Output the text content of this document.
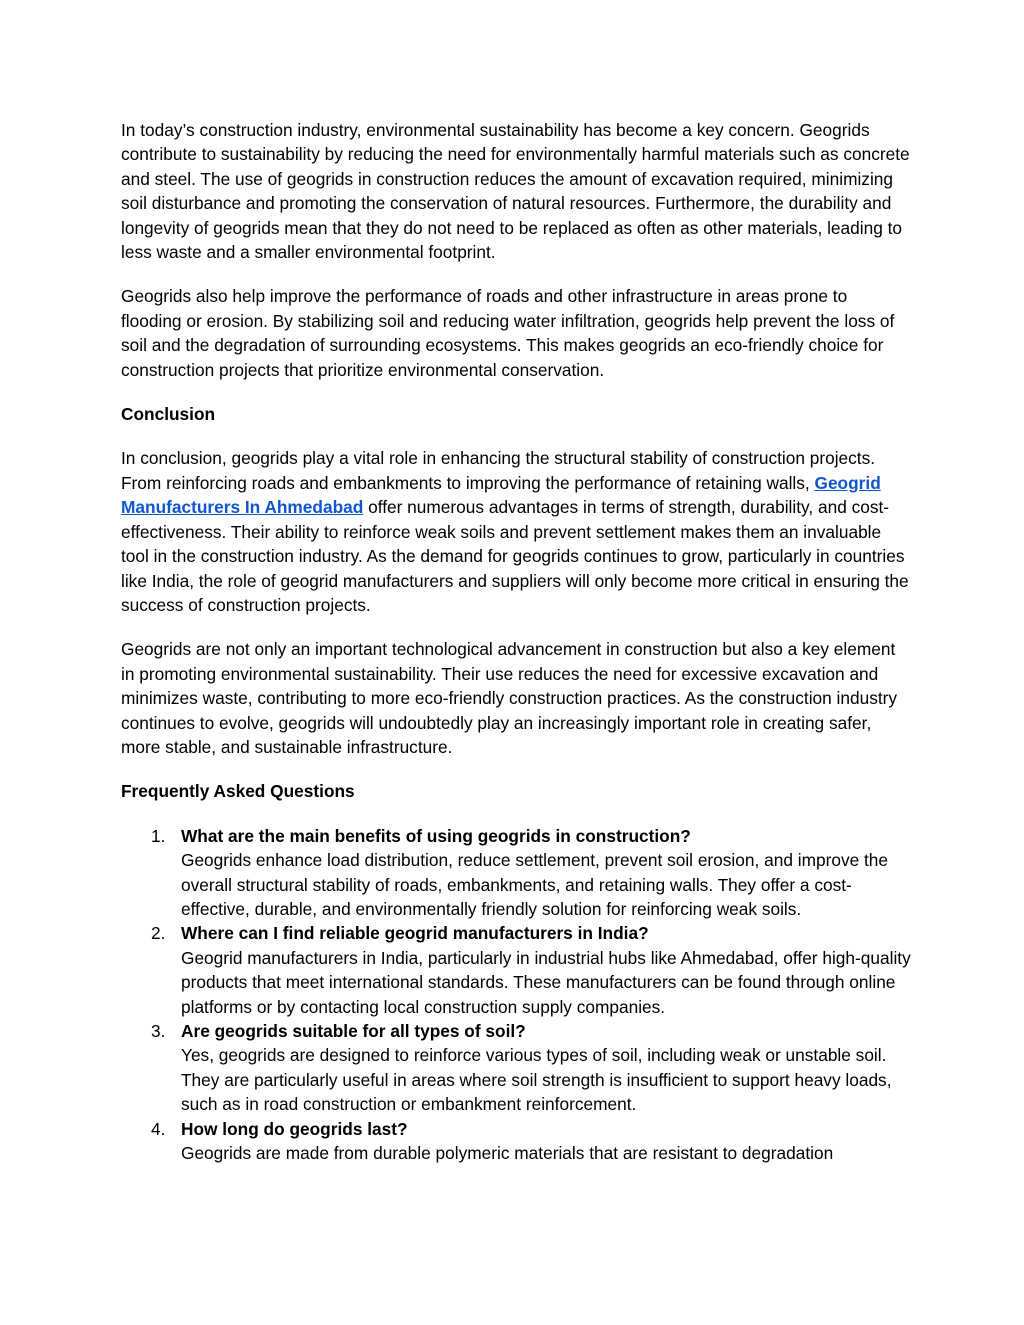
In today’s construction industry, environmental sustainability has become a key concern. Geogrids contribute to sustainability by reducing the need for environmentally harmful materials such as concrete and steel. The use of geogrids in construction reduces the amount of excavation required, minimizing soil disturbance and promoting the conservation of natural resources. Furthermore, the durability and longevity of geogrids mean that they do not need to be replaced as often as other materials, leading to less waste and a smaller environmental footprint.

Geogrids also help improve the performance of roads and other infrastructure in areas prone to flooding or erosion. By stabilizing soil and reducing water infiltration, geogrids help prevent the loss of soil and the degradation of surrounding ecosystems. This makes geogrids an eco-friendly choice for construction projects that prioritize environmental conservation.

Conclusion

In conclusion, geogrids play a vital role in enhancing the structural stability of construction projects. From reinforcing roads and embankments to improving the performance of retaining walls, Geogrid Manufacturers In Ahmedabad offer numerous advantages in terms of strength, durability, and cost-effectiveness. Their ability to reinforce weak soils and prevent settlement makes them an invaluable tool in the construction industry. As the demand for geogrids continues to grow, particularly in countries like India, the role of geogrid manufacturers and suppliers will only become more critical in ensuring the success of construction projects.

Geogrids are not only an important technological advancement in construction but also a key element in promoting environmental sustainability. Their use reduces the need for excessive excavation and minimizes waste, contributing to more eco-friendly construction practices. As the construction industry continues to evolve, geogrids will undoubtedly play an increasingly important role in creating safer, more stable, and sustainable infrastructure.

Frequently Asked Questions
1. What are the main benefits of using geogrids in construction?
Geogrids enhance load distribution, reduce settlement, prevent soil erosion, and improve the overall structural stability of roads, embankments, and retaining walls. They offer a cost-effective, durable, and environmentally friendly solution for reinforcing weak soils.
2. Where can I find reliable geogrid manufacturers in India?
Geogrid manufacturers in India, particularly in industrial hubs like Ahmedabad, offer high-quality products that meet international standards. These manufacturers can be found through online platforms or by contacting local construction supply companies.
3. Are geogrids suitable for all types of soil?
Yes, geogrids are designed to reinforce various types of soil, including weak or unstable soil. They are particularly useful in areas where soil strength is insufficient to support heavy loads, such as in road construction or embankment reinforcement.
4. How long do geogrids last?
Geogrids are made from durable polymeric materials that are resistant to degradation
